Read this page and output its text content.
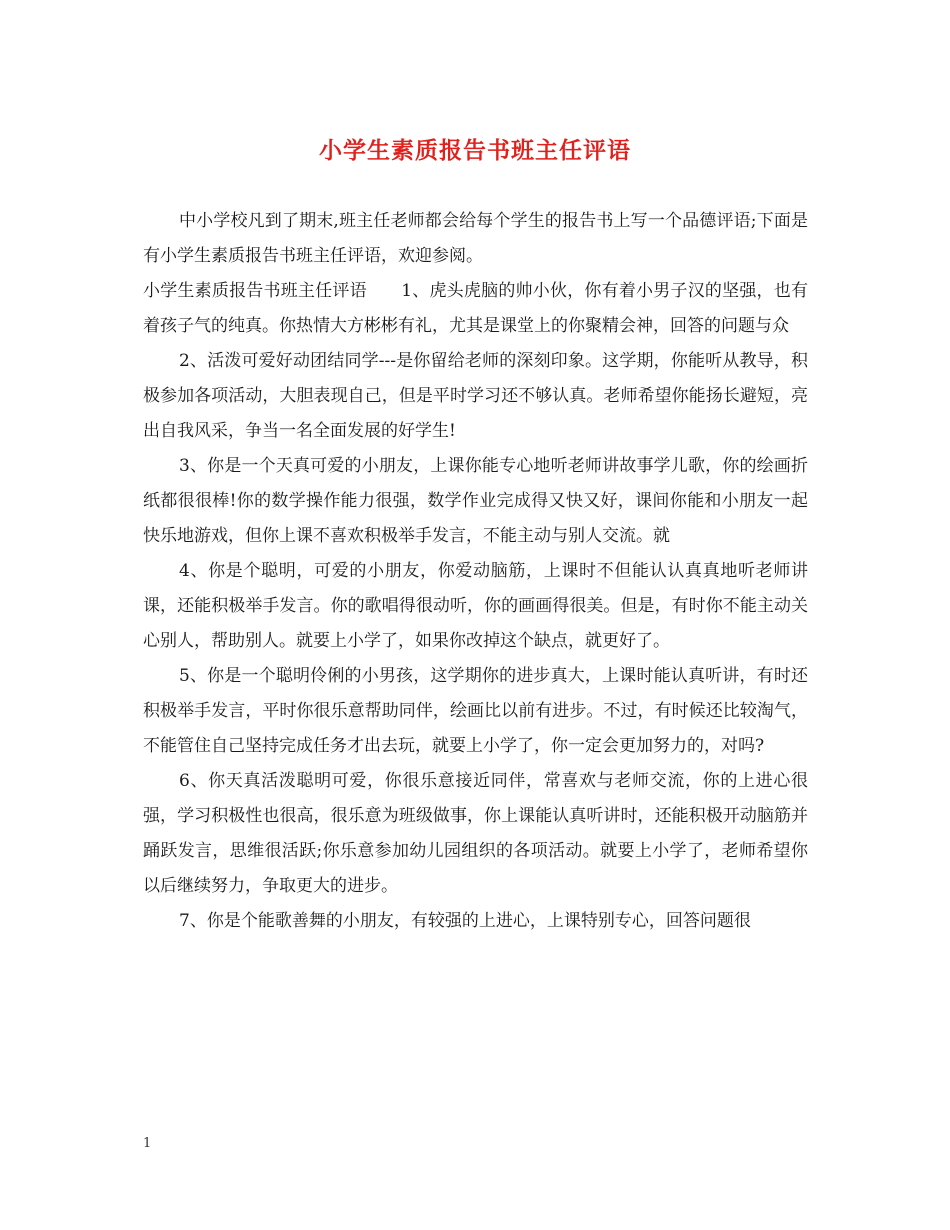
小学生素质报告书班主任评语

中小学校凡到了期末,班主任老师都会给每个学生的报告书上写一个品德评语;下面是有小学生素质报告书班主任评语，欢迎参阅。

小学生素质报告书班主任评语　　1、虎头虎脑的帅小伙，你有着小男子汉的坚强，也有着孩子气的纯真。你热情大方彬彬有礼，尤其是课堂上的你聚精会神，回答的问题与众

2、活泼可爱好动团结同学---是你留给老师的深刻印象。这学期，你能听从教导，积极参加各项活动，大胆表现自己，但是平时学习还不够认真。老师希望你能扬长避短，亮出自我风采，争当一名全面发展的好学生!

3、你是一个天真可爱的小朋友，上课你能专心地听老师讲故事学儿歌，你的绘画折纸都很很棒!你的数学操作能力很强，数学作业完成得又快又好，课间你能和小朋友一起快乐地游戏，但你上课不喜欢积极举手发言，不能主动与别人交流。就

4、你是个聪明，可爱的小朋友，你爱动脑筋，上课时不但能认认真真地听老师讲课，还能积极举手发言。你的歌唱得很动听，你的画画得很美。但是，有时你不能主动关心别人，帮助别人。就要上小学了，如果你改掉这个缺点，就更好了。

5、你是一个聪明伶俐的小男孩，这学期你的进步真大，上课时能认真听讲，有时还积极举手发言，平时你很乐意帮助同伴，绘画比以前有进步。不过，有时候还比较淘气，不能管住自己坚持完成任务才出去玩，就要上小学了，你一定会更加努力的，对吗?

6、你天真活泼聪明可爱，你很乐意接近同伴，常喜欢与老师交流，你的上进心很强，学习积极性也很高，很乐意为班级做事，你上课能认真听讲时，还能积极开动脑筋并踊跃发言，思维很活跃;你乐意参加幼儿园组织的各项活动。就要上小学了，老师希望你以后继续努力，争取更大的进步。

7、你是个能歌善舞的小朋友，有较强的上进心，上课特别专心，回答问题很

1
